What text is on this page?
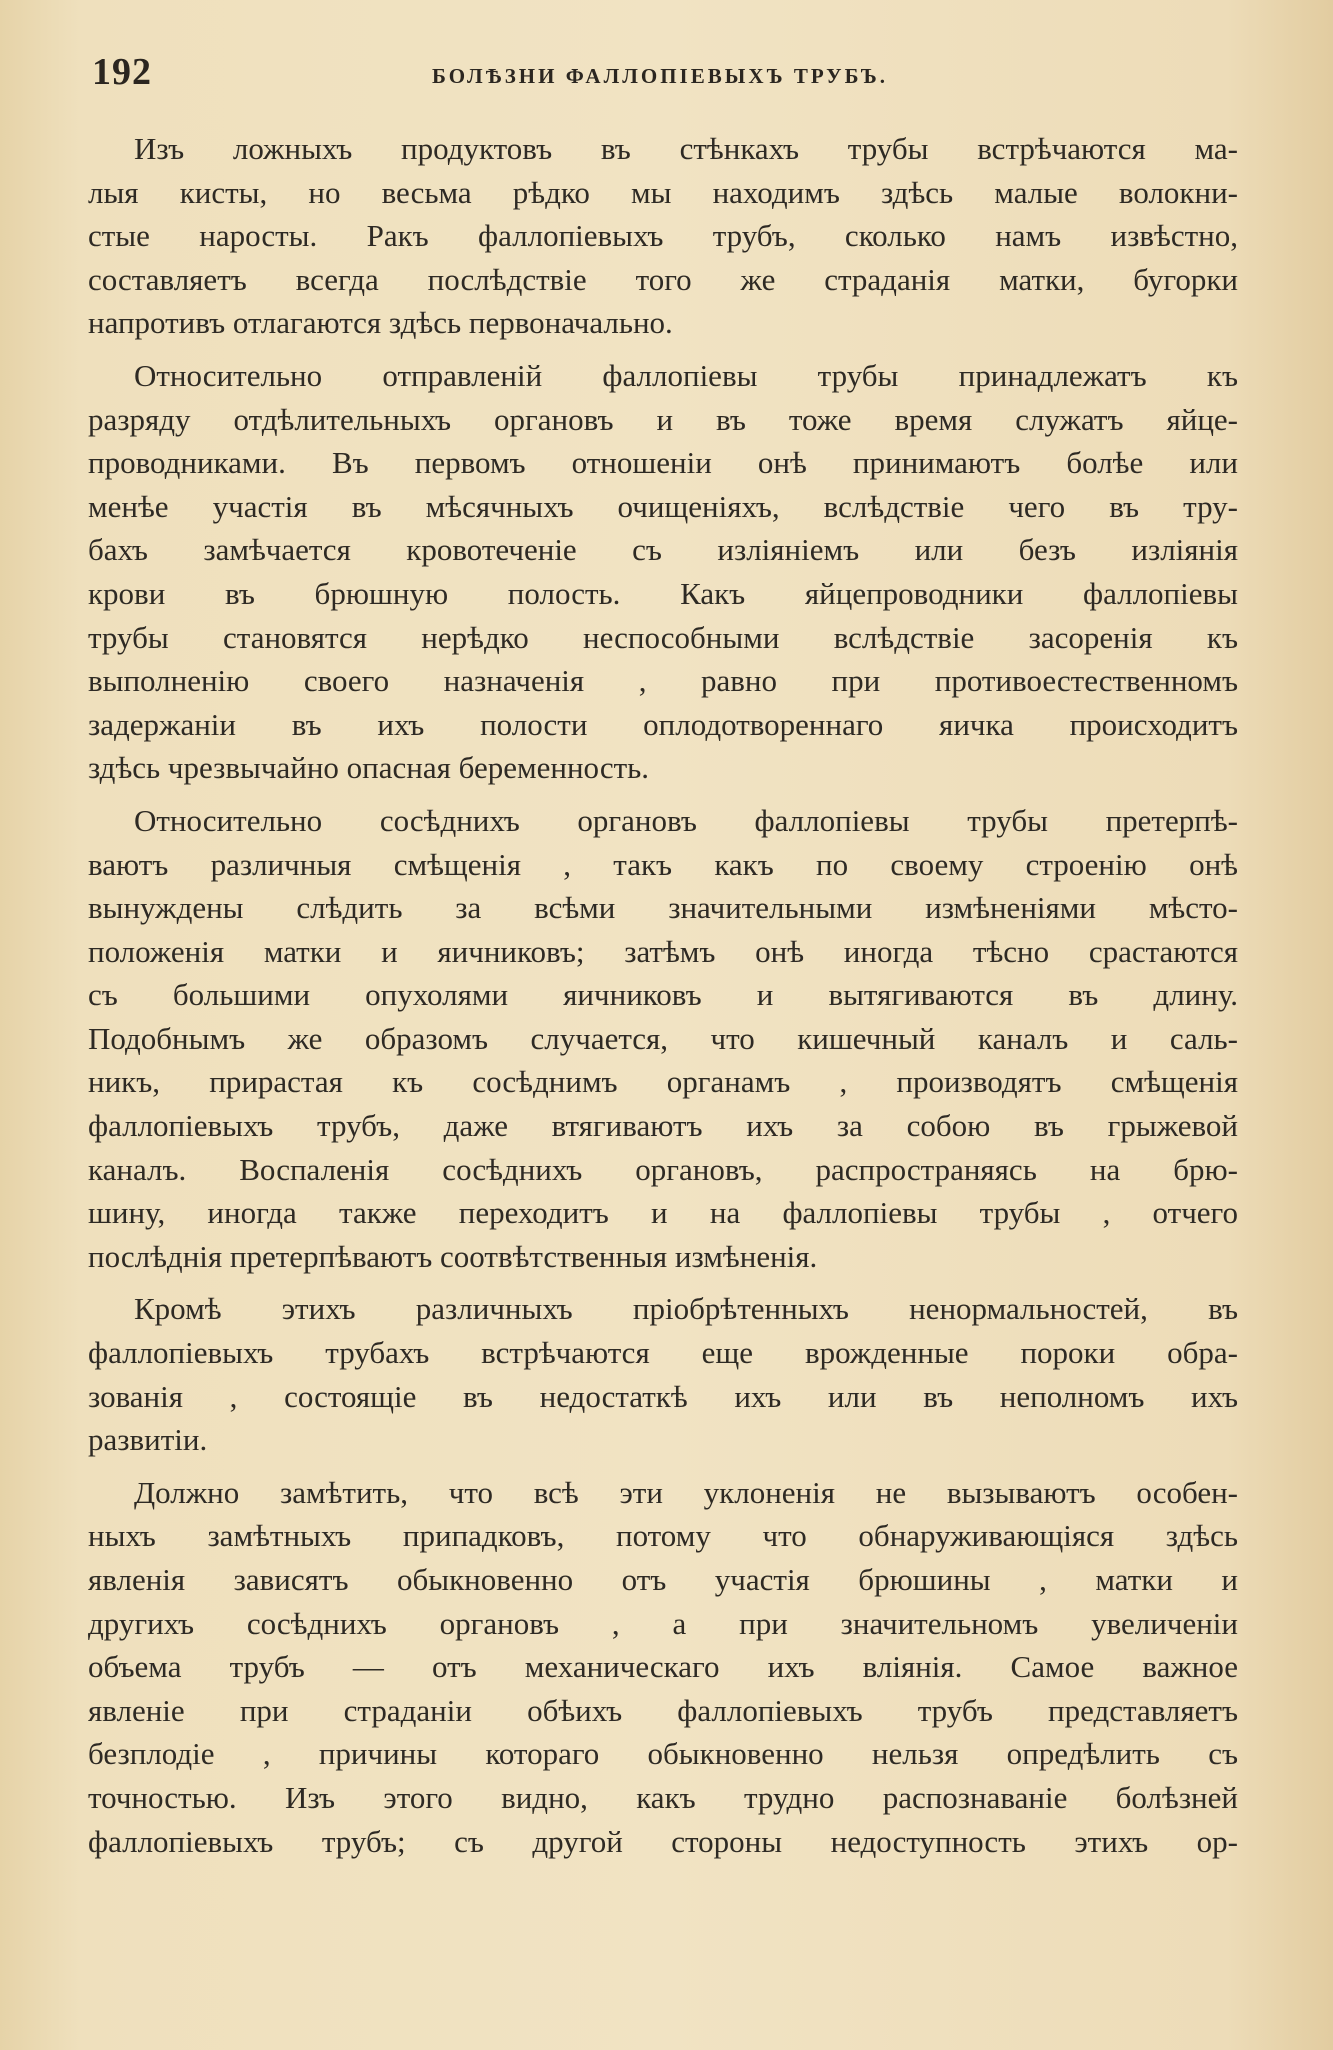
192	БОЛѢЗНИ ФАЛЛОПІЕВЫХЪ ТРУБЪ.
Изъ ложныхъ продуктовъ въ стѣнкахъ трубы встрѣчаются ма-
лыя кисты, но весьма рѣдко мы находимъ здѣсь малые волокни-
стые наросты. Ракъ фаллопіевыхъ трубъ, сколько намъ извѣстно,
составляетъ всегда послѣдствіе того же страданія матки, бугорки
напротивъ отлагаются здѣсь первоначально.
Относительно отправленій фаллопіевы трубы принадлежатъ къ
разряду отдѣлительныхъ органовъ и въ тоже время служатъ яйце-
проводниками. Въ первомъ отношеніи онѣ принимаютъ болѣе или
менѣе участія въ мѣсячныхъ очищеніяхъ, вслѣдствіе чего въ тру-
бахъ замѣчается кровотеченіе съ изліяніемъ или безъ изліянія
крови въ брюшную полость. Какъ яйцепроводники фаллопіевы
трубы становятся нерѣдко неспособными вслѣдствіе засоренія къ
выполненію своего назначенія , равно при противоестественномъ
задержаніи въ ихъ полости оплодотвореннаго яичка происходитъ
здѣсь чрезвычайно опасная беременность.
Относительно сосѣднихъ органовъ фаллопіевы трубы претерпѣ-
ваютъ различныя смѣщенія , такъ какъ по своему строенію онѣ
вынуждены слѣдить за всѣми значительными измѣненіями мѣсто-
положенія матки и яичниковъ; затѣмъ онѣ иногда тѣсно срастаются
съ большими опухолями яичниковъ и вытягиваются въ длину.
Подобнымъ же образомъ случается, что кишечный каналъ и саль-
никъ, прирастая къ сосѣднимъ органамъ , производятъ смѣщенія
фаллопіевыхъ трубъ, даже втягиваютъ ихъ за собою въ грыжевой
каналъ. Воспаленія сосѣднихъ органовъ, распространяясь на брю-
шину, иногда также переходитъ и на фаллопіевы трубы , отчего
послѣднія претерпѣваютъ соотвѣтственныя измѣненія.
Кромѣ этихъ различныхъ пріобрѣтенныхъ ненормальностей, въ
фаллопіевыхъ трубахъ встрѣчаются еще врожденные пороки обра-
зованія , состоящіе въ недостаткѣ ихъ или въ неполномъ ихъ
развитіи.
Должно замѣтить, что всѣ эти уклоненія не вызываютъ особен-
ныхъ замѣтныхъ припадковъ, потому что обнаруживающіяся здѣсь
явленія зависятъ обыкновенно отъ участія брюшины , матки и
другихъ сосѣднихъ органовъ , а при значительномъ увеличеніи
объема трубъ — отъ механическаго ихъ вліянія. Самое важное
явленіе при страданіи обѣихъ фаллопіевыхъ трубъ представляетъ
безплодіе , причины котораго обыкновенно нельзя опредѣлить съ
точностью. Изъ этого видно, какъ трудно распознаваніе болѣзней
фаллопіевыхъ трубъ; съ другой стороны недоступность этихъ ор-
